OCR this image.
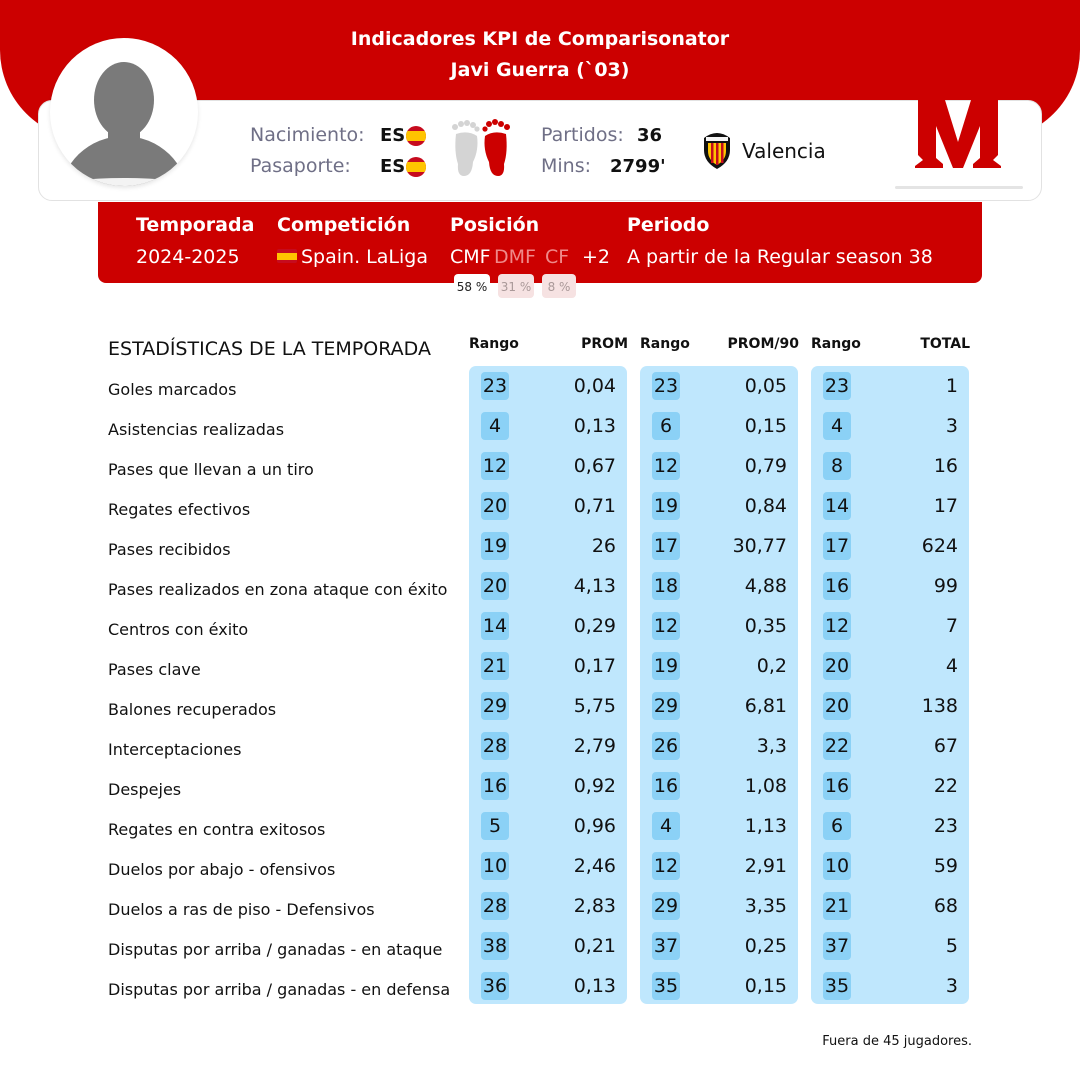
Indicadores KPI de Comparisonator
Javi Guerra (`03)
Nacimiento: ES
Pasaporte: ES
Partidos: 36
Mins: 2799'
Valencia
Temporada
2024-2025
Competición
Spain. LaLiga
Posición
CMF DMF CF +2
58 % 31 %	8 %
Periodo
A partir de la Regular season 38
ESTADÍSTICAS DE LA TEMPORADA	Rango	PROM Rango	PROM/90 Rango	TOTAL
Goles marcados	23	0,04 23	0,05 23	1
Asistencias realizadas	4	0,13	6	0,15	4	3
Pases que llevan a un tiro	12	0,67 12	0,79	8	16
Regates efectivos	20	0,71 19	0,84 14	17
Pases recibidos	19	26 17	30,77 17	624
Pases realizados en zona ataque con éxito 20	4,13 18	4,88 16	99
Centros con éxito	14	0,29 12	0,35 12	7
Pases clave	21	0,17 19	0,2 20	4
Balones recuperados	29	5,75 29	6,81 20	138
Interceptaciones	28	2,79 26	3,3 22	67
Despejes	16	0,92 16	1,08 16	22
Regates en contra exitosos	5	0,96	4	1,13	6	23
Duelos por abajo - ofensivos	10	2,46 12	2,91 10	59
Duelos a ras de piso - Defensivos	28	2,83 29	3,35 21	68
Disputas por arriba / ganadas - en ataque 38	0,21 37	0,25 37	5
Disputas por arriba / ganadas - en defensa 36	0,13 35	0,15 35	3
Fuera de 45 jugadores.
